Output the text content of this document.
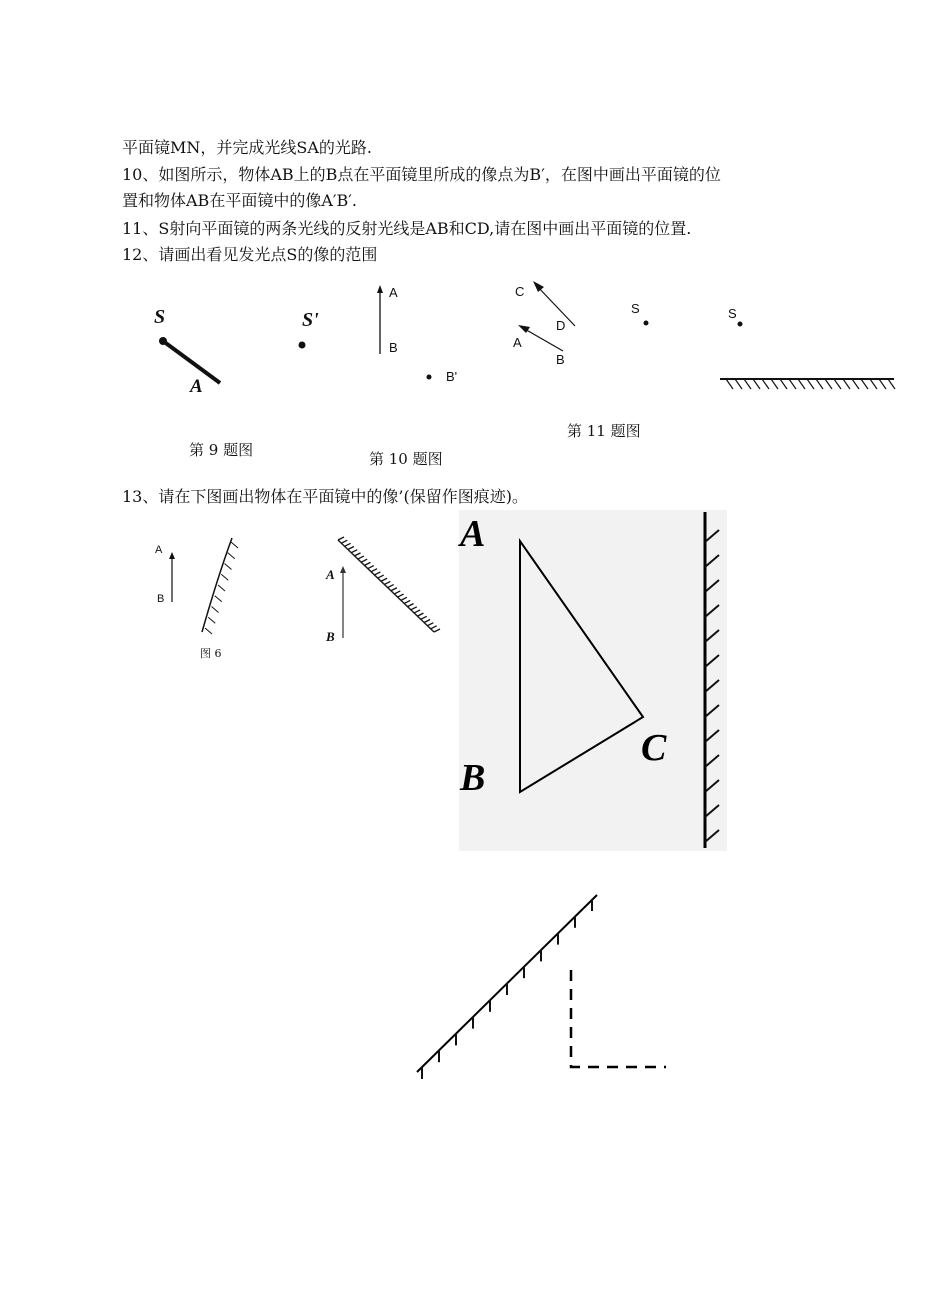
平面镜MN，并完成光线SA的光路.
10、如图所示，物体AB上的B点在平面镜里所成的像点为B′，在图中画出平面镜的位
置和物体AB在平面镜中的像A′B′.
11、S射向平面镜的两条光线的反射光线是AB和CD,请在图中画出平面镜的位置.
12、请画出看见发光点S的像的范围
13、请在下图画出物体在平面镜中的像’(保留作图痕迹)。
S
A
S'
第 9 题图
A
B
B'
第 10 题图
C
D
A
B
S
第 11 题图
S
A
B
图 6
A
B
A
B
C
